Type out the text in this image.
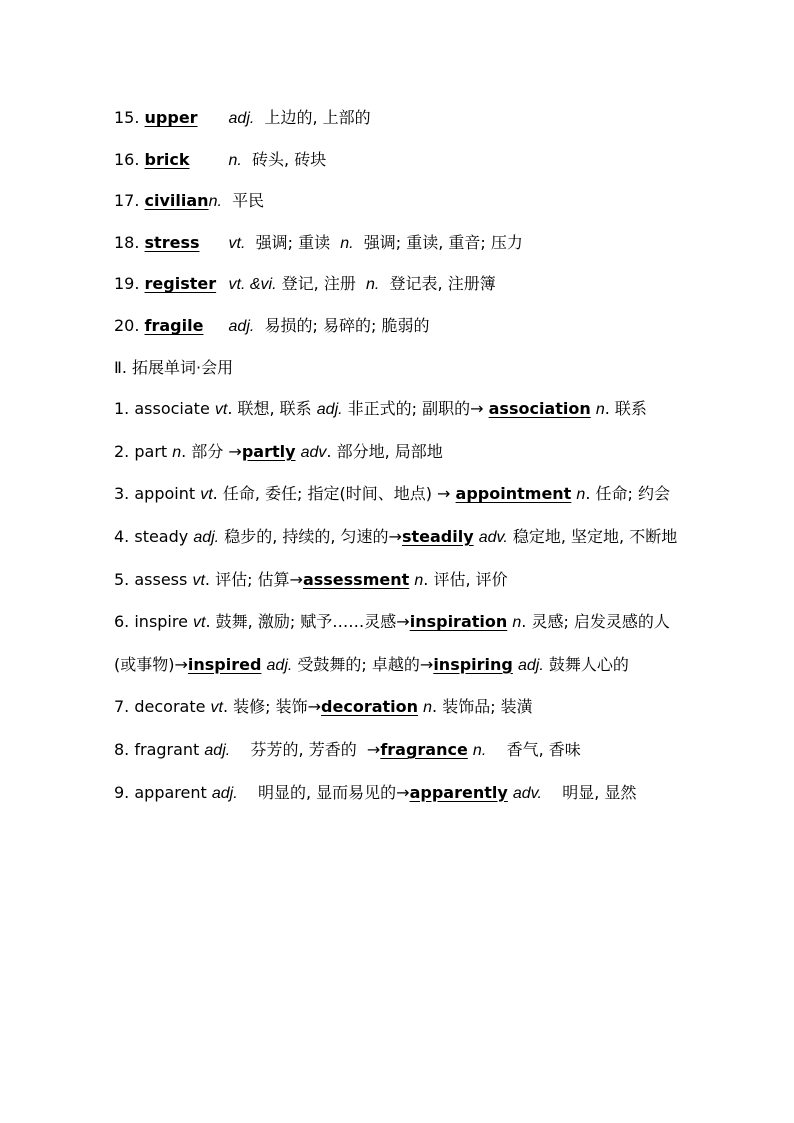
15. upper adj. 上边的, 上部的
16. brick n. 砖头, 砖块
17. civiliann. 平民
18. stress vt. 强调; 重读 n. 强调; 重读, 重音; 压力
19. register vt. &vi. 登记, 注册 n. 登记表, 注册簿
20. fragile adj. 易损的; 易碎的; 脆弱的
Ⅱ. 拓展单词·会用
1. associate vt. 联想, 联系 adj. 非正式的; 副职的→ association n. 联系
2. part n. 部分 →partly adv. 部分地, 局部地
3. appoint vt. 任命, 委任; 指定(时间、地点) → appointment n. 任命; 约会
4. steady adj. 稳步的, 持续的, 匀速的→steadily adv. 稳定地, 坚定地, 不断地
5. assess vt. 评估; 估算→assessment n. 评估, 评价
6. inspire vt. 鼓舞, 激励; 赋予……灵感→inspiration n. 灵感; 启发灵感的人(或事物)→inspired adj. 受鼓舞的; 卓越的→inspiring adj. 鼓舞人心的
7. decorate vt. 装修; 装饰→decoration n. 装饰品; 装潢
8. fragrant adj.    芬芳的, 芳香的  →fragrance n.    香气, 香味
9. apparent adj.    明显的, 显而易见的→apparently adv.    明显, 显然
